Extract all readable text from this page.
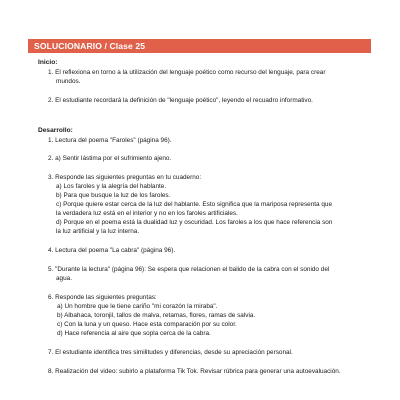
SOLUCIONARIO / Clase 25
Inicio:
1. El reflexiona en torno a la utilización del lenguaje poético como recurso del lenguaje, para crear
mundos.
2. El estudiante recordará la definición de "lenguaje poético", leyendo el recuadro informativo.
Desarrollo:
1. Lectura del poema "Faroles" (página 96).
2. a) Sentir lástima por el sufrimiento ajeno.
3. Responde las siguientes preguntas en tu cuaderno:
a) Los faroles y la alegría del hablante.
b) Para que busque la luz de los faroles.
c) Porque quiere estar cerca de la luz del hablante. Esto significa que la mariposa representa que
la verdadera luz está en el interior y no en los faroles artificiales.
d) Porque en el poema está la dualidad luz y oscuridad. Los faroles a los que hace referencia son
la luz artificial y la luz interna.
4. Lectura del poema "La cabra" (página 96).
5. "Durante la lectura" (página 96): Se espera que relacionen el balido de la cabra con el sonido del
agua.
6. Responde las siguientes preguntas:
a) Un hombre que le tiene cariño "mi corazón la miraba".
b) Albahaca, toronjil, tallos de malva, retamas, flores, ramas de salvia.
c) Con la luna y un queso. Hace esta comparación por su color.
d) Hace referencia al aire que sopla cerca de la cabra.
7. El estudiante identifica tres similitudes y diferencias, desde su apreciación personal.
8. Realización del video: subirlo a plataforma Tik Tok. Revisar rúbrica para generar una autoevaluación.
